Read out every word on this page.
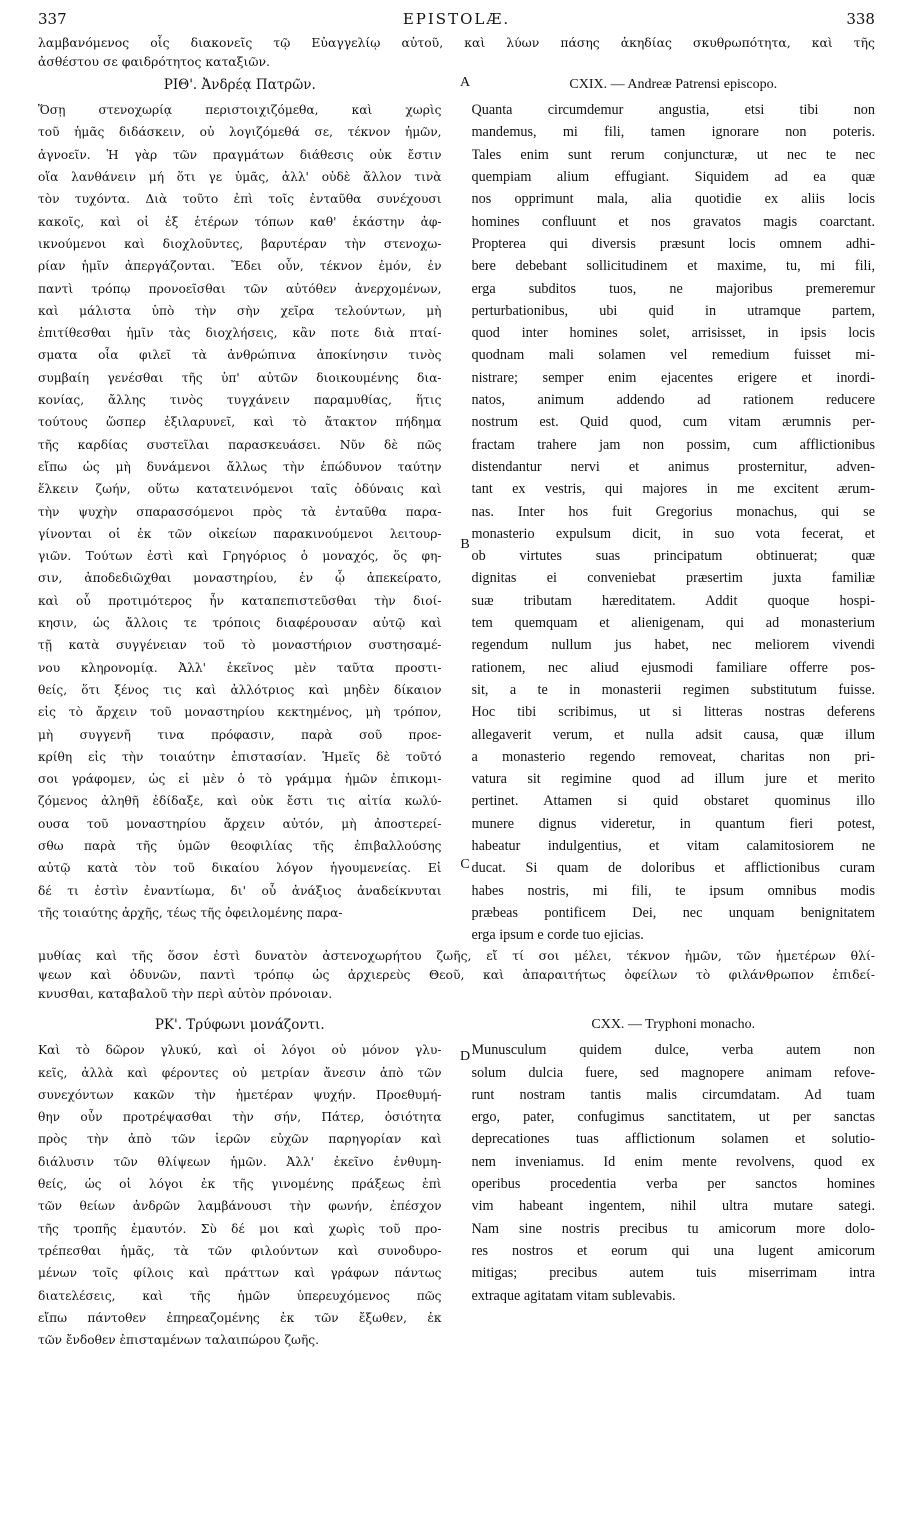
337	EPISTOLÆ.	338
λαμβανόμενος οἷς διακονεῖς τῷ Εὐαγγελίῳ αὐτοῦ, καὶ λύων πάσης ἀκηδίας σκυθρωπότητα, καὶ τῆς
ἀσθέστου σε φαιδρότητος καταξιῶν.
A
B
C
ΡΙΘ'. Ἀνδρέᾳ Πατρῶν.
Ὅσῃ στενοχωρίᾳ περιστοιχιζόμεθα, καὶ χωρὶς
τοῦ ἡμᾶς διδάσκειν, οὐ λογιζόμεθά σε, τέκνον ἡμῶν,
ἀγνοεῖν. Ἡ γὰρ τῶν πραγμάτων διάθεσις οὐκ ἔστιν
οἵα λανθάνειν μή ὅτι γε ὑμᾶς, ἀλλ' οὐδὲ ἄλλον τινὰ
τὸν τυχόντα. Διὰ τοῦτο ἐπὶ τοῖς ἐνταῦθα συνέχουσι
κακοῖς, καὶ οἱ ἐξ ἑτέρων τόπων καθ' ἑκάστην ἀφ-
ικνούμενοι καὶ διοχλοῦντες, βαρυτέραν τὴν στενοχω-
ρίαν ἡμῖν ἀπεργάζονται. Ἔδει οὖν, τέκνον ἐμόν, ἐν
παντὶ τρόπῳ προνοεῖσθαι τῶν αὐτόθεν ἀνερχομένων,
καὶ μάλιστα ὑπὸ τὴν σὴν χεῖρα τελούντων, μὴ
ἐπιτίθεσθαι ἡμῖν τὰς διοχλήσεις, κἂν ποτε διὰ πταί-
σματα οἷα φιλεῖ τὰ ἀνθρώπινα ἀποκίνησιν τινὸς
συμβαίη γενέσθαι τῆς ὑπ' αὐτῶν διοικουμένης δια-
κονίας, ἄλλης τινὸς τυγχάνειν παραμυθίας, ἥτις
τούτους ὥσπερ ἐξιλαρυνεῖ, καὶ τὸ ἄτακτον πήδημα
τῆς καρδίας συστεῖλαι παρασκευάσει. Νῦν δὲ πῶς
εἴπω ὡς μὴ δυνάμενοι ἄλλως τὴν ἐπώδυνον ταύτην
ἕλκειν ζωήν, οὕτω κατατεινόμενοι ταῖς ὀδύναις καὶ
τὴν ψυχὴν σπαρασσόμενοι πρὸς τὰ ἐνταῦθα παρα-
γίνονται οἱ ἐκ τῶν οἰκείων παρακινούμενοι λειτουρ-
γιῶν. Τούτων ἐστὶ καὶ Γρηγόριος ὁ μοναχός, ὅς φη-
σιν, ἀποδεδιῶχθαι μοναστηρίου, ἐν ᾧ ἀπεκείρατο,
καὶ οὗ προτιμότερος ἦν καταπεπιστεῦσθαι τὴν διοί-
κησιν, ὡς ἄλλοις τε τρόποις διαφέρουσαν αὐτῷ καὶ
τῇ κατὰ συγγένειαν τοῦ τὸ μοναστήριον συστησαμέ-
νου κληρονομίᾳ. Ἀλλ' ἐκεῖνος μὲν ταῦτα προστι-
θείς, ὅτι ξένος τις καὶ ἀλλότριος καὶ μηδὲν δίκαιον
εἰς τὸ ἄρχειν τοῦ μοναστηρίου κεκτημένος, μὴ τρόπον,
μὴ συγγενῆ τινα πρόφασιν, παρὰ σοῦ προε-
κρίθη εἰς τὴν τοιαύτην ἐπιστασίαν. Ἡμεῖς δὲ τοῦτό
σοι γράφομεν, ὡς εἰ μὲν ὁ τὸ γράμμα ἡμῶν ἐπικομι-
ζόμενος ἀληθῆ ἐδίδαξε, καὶ οὐκ ἔστι τις αἰτία κωλύ-
ουσα τοῦ μοναστηρίου ἄρχειν αὐτόν, μὴ ἀποστερεί-
σθω παρὰ τῆς ὑμῶν θεοφιλίας τῆς ἐπιβαλλούσης
αὐτῷ κατὰ τὸν τοῦ δικαίου λόγον ἡγουμενείας. Εἰ
δέ τι ἐστὶν ἐναντίωμα, δι' οὗ ἀνάξιος ἀναδείκνυται
τῆς τοιαύτης ἀρχῆς, τέως τῆς ὀφειλομένης παρα-
CXIX. — Andreæ Patrensi episcopo.
Quanta circumdemur angustia, etsi tibi non
mandemus, mi fili, tamen ignorare non poteris.
Tales enim sunt rerum conjuncturæ, ut nec te nec
quempiam alium effugiant. Siquidem ad ea quæ
nos opprimunt mala, alia quotidie ex aliis locis
homines confluunt et nos gravatos magis coarctant.
Propterea qui diversis præsunt locis omnem adhi-
bere debebant sollicitudinem et maxime, tu, mi fili,
erga subditos tuos, ne majoribus premeremur
perturbationibus, ubi quid in utramque partem,
quod inter homines solet, arrisisset, in ipsis locis
quodnam mali solamen vel remedium fuisset mi-
nistrare; semper enim ejacentes erigere et inordi-
natos, animum addendo ad rationem reducere
nostrum est. Quid quod, cum vitam ærumnis per-
fractam trahere jam non possim, cum afflictionibus
distendantur nervi et animus prosternitur, adven-
tant ex vestris, qui majores in me excitent ærum-
nas. Inter hos fuit Gregorius monachus, qui se
monasterio expulsum dicit, in suo vota fecerat, et
ob virtutes suas principatum obtinuerat; quæ
dignitas ei conveniebat præsertim juxta familiæ
suæ tributam hæreditatem. Addit quoque hospi-
tem quemquam et alienigenam, qui ad monasterium
regendum nullum jus habet, nec meliorem vivendi
rationem, nec aliud ejusmodi familiare offerre pos-
sit, a te in monasterii regimen substitutum fuisse.
Hoc tibi scribimus, ut si litteras nostras deferens
allegaverit verum, et nulla adsit causa, quæ illum
a monasterio regendo removeat, charitas non pri-
vatura sit regimine quod ad illum jure et merito
pertinet. Attamen si quid obstaret quominus illo
munere dignus videretur, in quantum fieri potest,
habeatur indulgentius, et vitam calamitosiorem ne
ducat. Si quam de doloribus et afflictionibus curam
habes nostris, mi fili, te ipsum omnibus modis
præbeas pontificem Dei, nec unquam benignitatem
erga ipsum e corde tuo ejicias.
μυθίας καὶ τῆς ὅσον ἐστὶ δυνατὸν ἀστενοχωρήτου ζωῆς, εἴ τί σοι μέλει, τέκνον ἡμῶν, τῶν ἡμετέρων θλί-
ψεων καὶ ὀδυνῶν, παντὶ τρόπῳ ὡς ἀρχιερεὺς Θεοῦ, καὶ ἀπαραιτήτως ὀφείλων τὸ φιλάνθρωπον ἐπιδεί-
κνυσθαι, καταβαλοῦ τὴν περὶ αὐτὸν πρόνοιαν.
D
ΡΚ'. Τρύφωνι μονάζοντι.
Καὶ τὸ δῶρον γλυκύ, καὶ οἱ λόγοι οὐ μόνον γλυ-
κεῖς, ἀλλὰ καὶ φέροντες οὐ μετρίαν ἄνεσιν ἀπὸ τῶν
συνεχόντων κακῶν τὴν ἡμετέραν ψυχήν. Προεθυμή-
θην οὖν προτρέψασθαι τὴν σήν, Πάτερ, ὁσιότητα
πρὸς τὴν ἀπὸ τῶν ἱερῶν εὐχῶν παρηγορίαν καὶ
διάλυσιν τῶν θλίψεων ἡμῶν. Ἀλλ' ἐκεῖνο ἐνθυμη-
θείς, ὡς οἱ λόγοι ἐκ τῆς γινομένης πράξεως ἐπὶ
τῶν θείων ἀνδρῶν λαμβάνουσι τὴν φωνήν, ἐπέσχον
τῆς τροπῆς ἐμαυτόν. Σὺ δέ μοι καὶ χωρὶς τοῦ προ-
τρέπεσθαι ἡμᾶς, τὰ τῶν φιλούντων καὶ συνοδυρο-
μένων τοῖς φίλοις καὶ πράττων καὶ γράφων πάντως
διατελέσεις, καὶ τῆς ἡμῶν ὑπερευχόμενος πῶς
εἴπω πάντοθεν ἐπηρεαζομένης ἐκ τῶν ἔξωθεν, ἐκ
τῶν ἔνδοθεν ἐπισταμένων ταλαιπώρου ζωῆς.
CXX. — Tryphoni monacho.
Munusculum quidem dulce, verba autem non
solum dulcia fuere, sed magnopere animam refove-
runt nostram tantis malis circumdatam. Ad tuam
ergo, pater, confugimus sanctitatem, ut per sanctas
deprecationes tuas afflictionum solamen et solutio-
nem inveniamus. Id enim mente revolvens, quod ex
operibus procedentia verba per sanctos homines
vim habeant ingentem, nihil ultra mutare sategi.
Nam sine nostris precibus tu amicorum more dolo-
res nostros et eorum qui una lugent amicorum
mitigas; precibus autem tuis miserrimam intra
extraque agitatam vitam sublevabis.
